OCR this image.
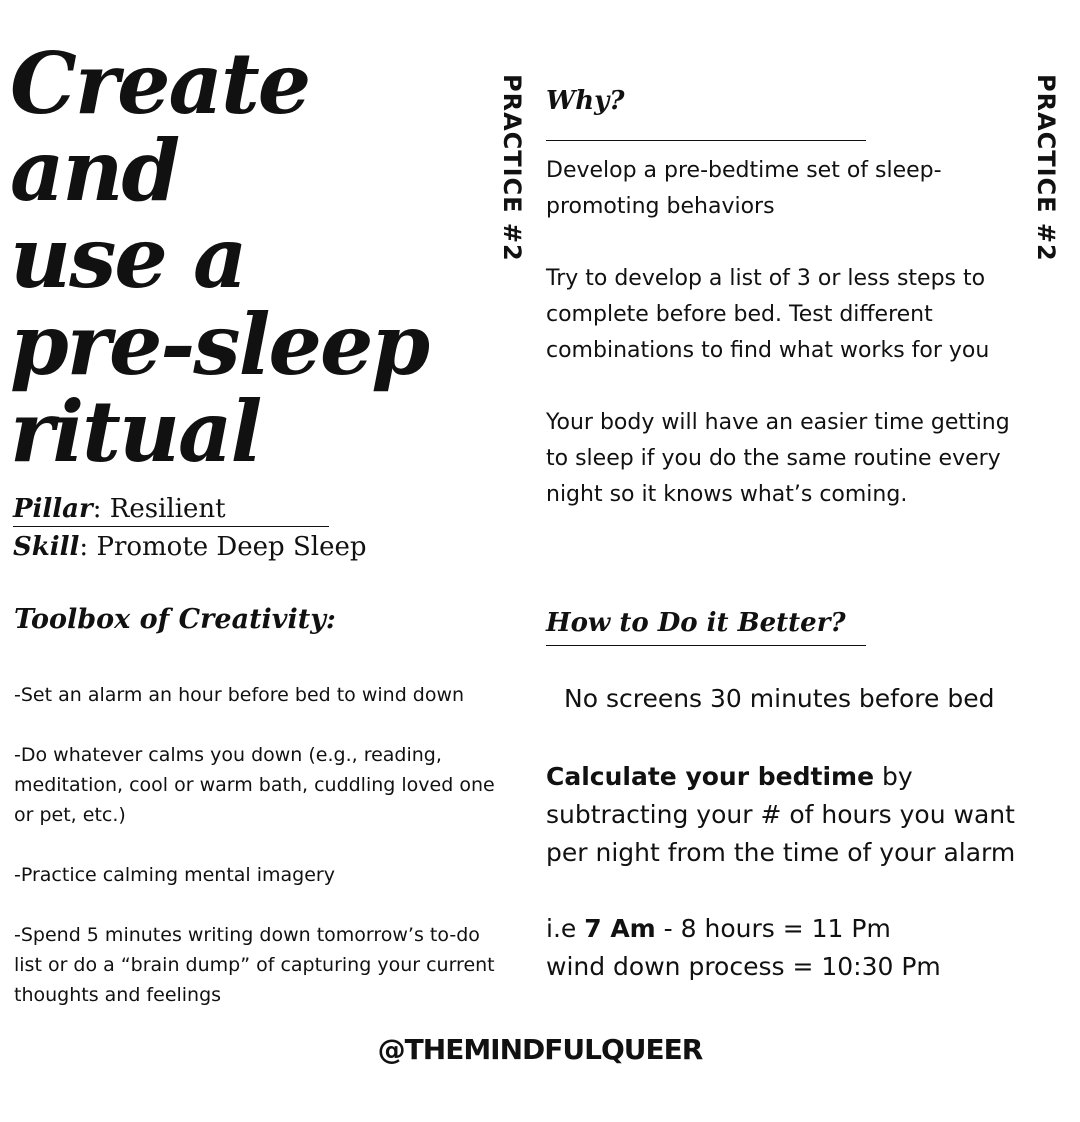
Create
and
use a
pre-sleep
ritual
Pillar: Resilient
Skill: Promote Deep Sleep
Toolbox of Creativity:
-Set an alarm an hour before bed to wind down
-Do whatever calms you down (e.g., reading, meditation, cool or warm bath, cuddling loved one or pet, etc.)
-Practice calming mental imagery
-Spend 5 minutes writing down tomorrow’s to-do list or do a “brain dump” of capturing your current thoughts and feelings
PRACTICE #2	PRACTICE #2
Why?

Develop a pre-bedtime set of sleep-promoting behaviors

Try to develop a list of 3 or less steps to complete before bed. Test different combinations to find what works for you

Your body will have an easier time getting to sleep if you do the same routine every night so it knows what’s coming.

How to Do it Better?
No screens 30 minutes before bed
Calculate your bedtime by subtracting your # of hours you want per night from the time of your alarm
i.e 7 Am - 8 hours = 11 Pm
wind down process = 10:30 Pm
@THEMINDFULQUEER
